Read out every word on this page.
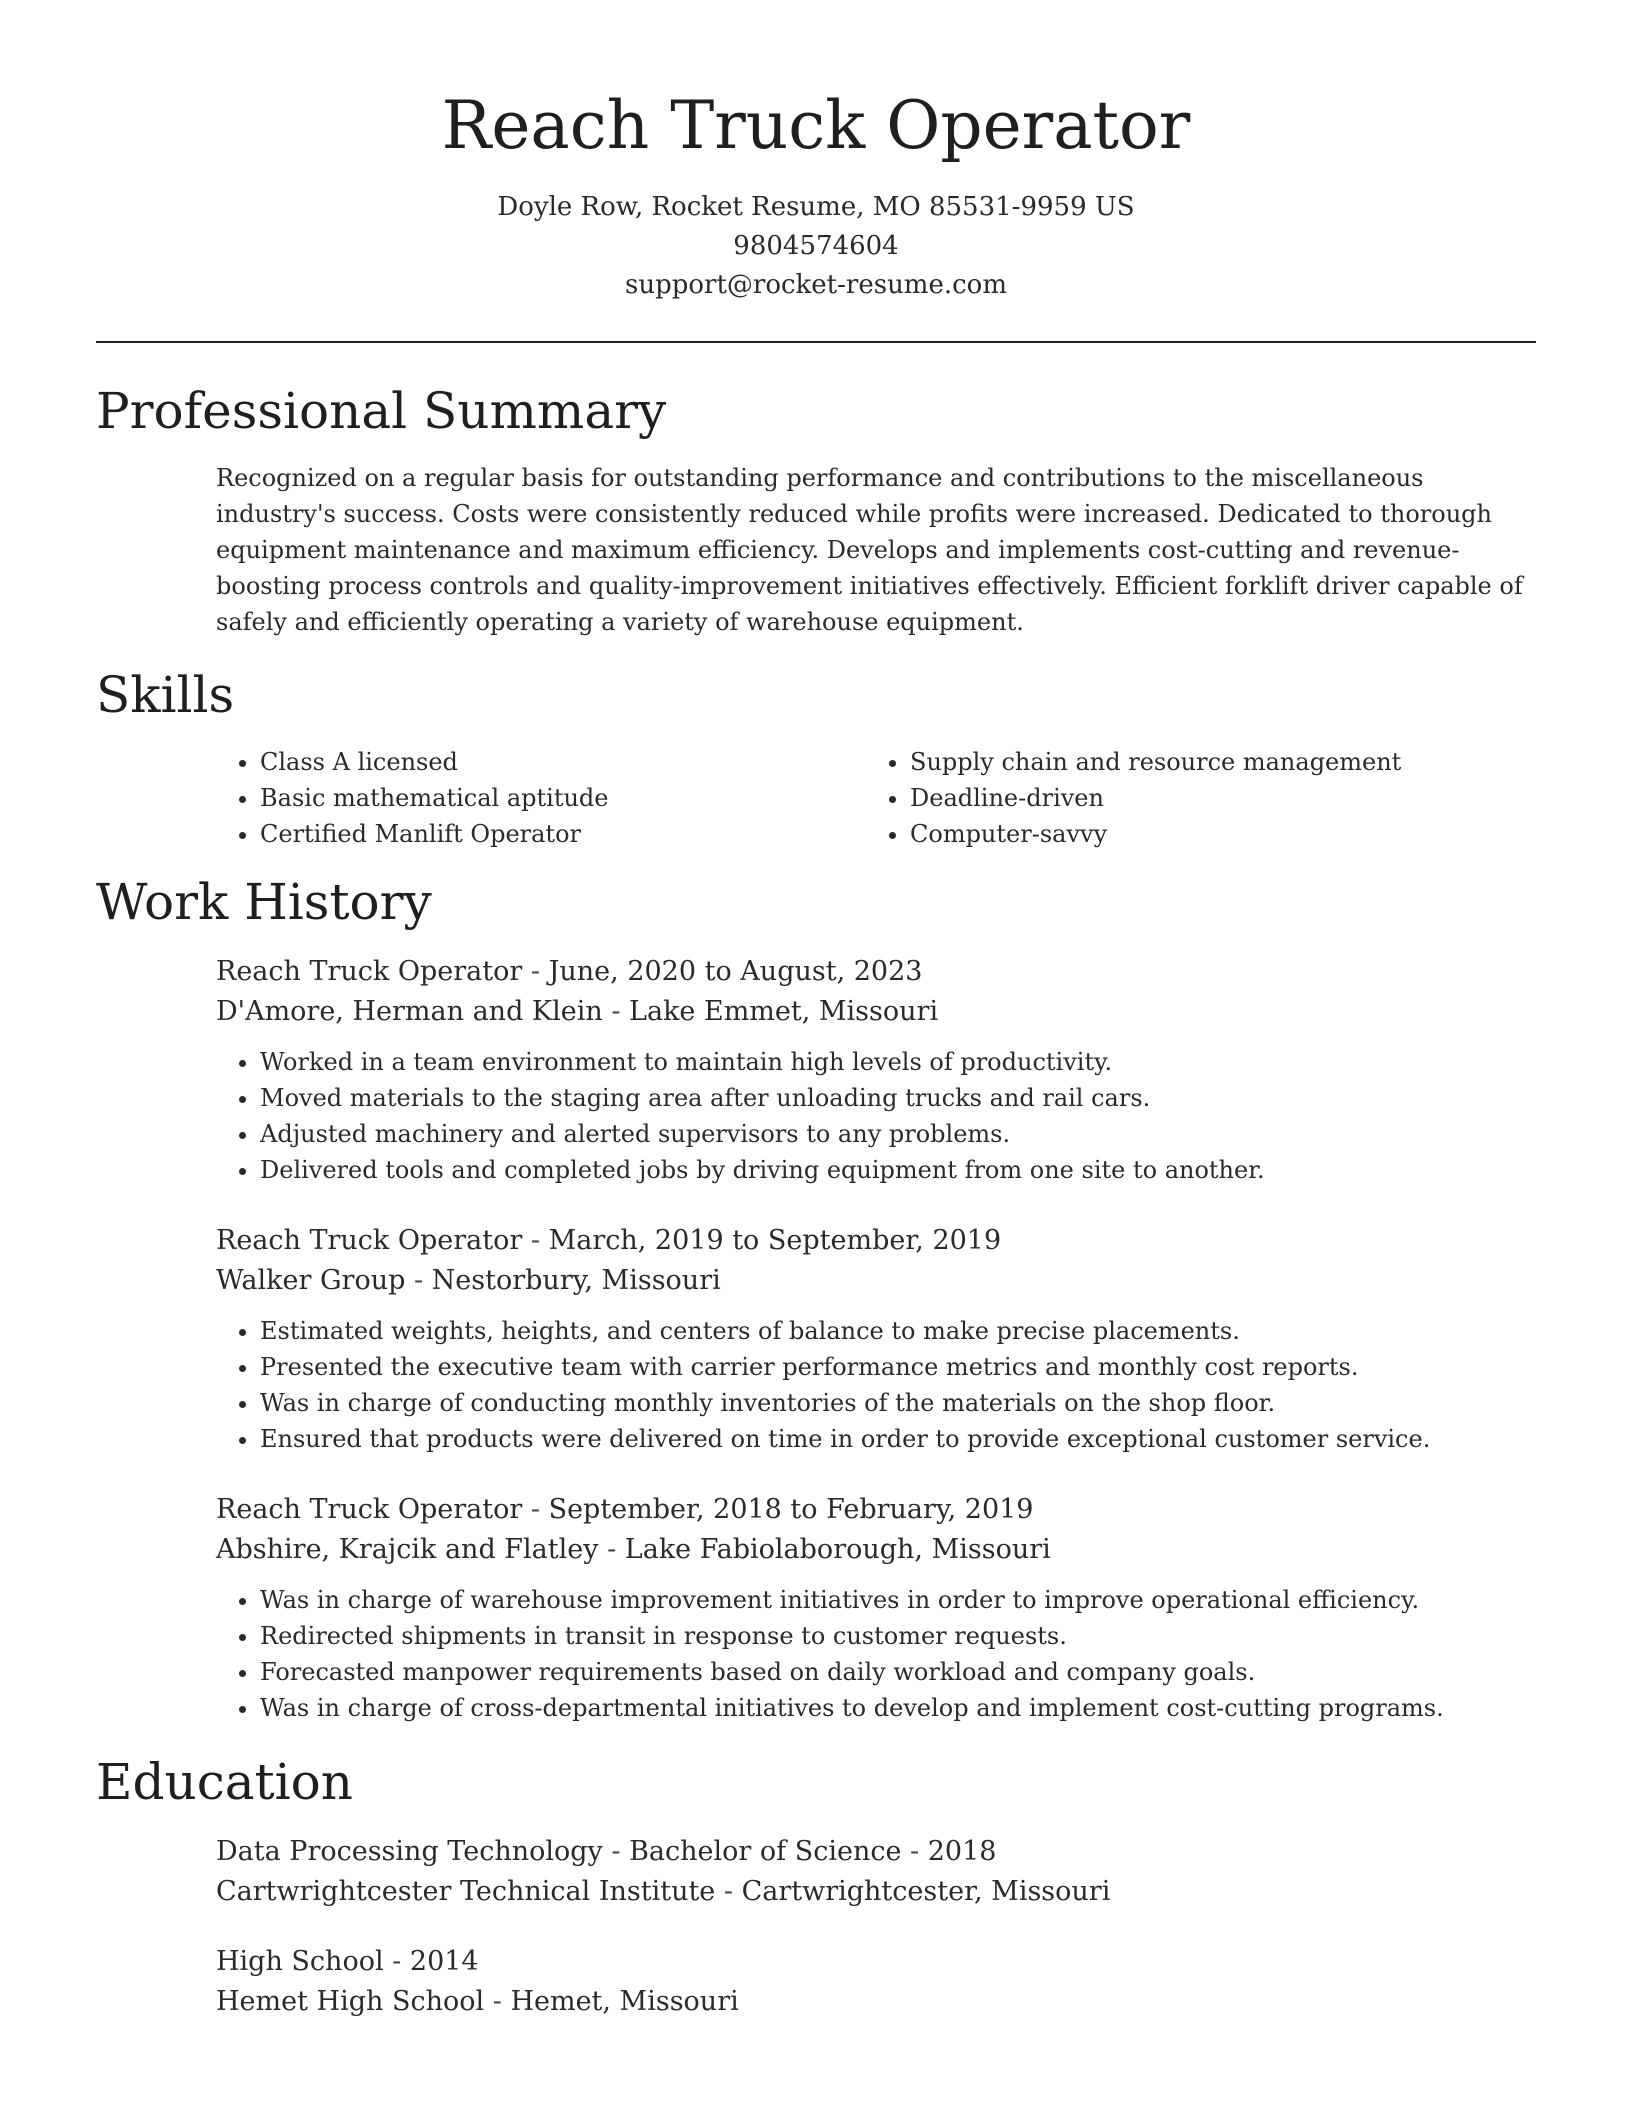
Reach Truck Operator
Doyle Row, Rocket Resume, MO 85531-9959 US
9804574604
support@rocket-resume.com
Professional Summary

Recognized on a regular basis for outstanding performance and contributions to the miscellaneous industry's success. Costs were consistently reduced while profits were increased. Dedicated to thorough equipment maintenance and maximum efficiency. Develops and implements cost-cutting and revenue-boosting process controls and quality-improvement initiatives effectively. Efficient forklift driver capable of safely and efficiently operating a variety of warehouse equipment.

Skills
• Class A licensed
• Basic mathematical aptitude
• Certified Manlift Operator
• Supply chain and resource management
• Deadline-driven
• Computer-savvy
Work History
Reach Truck Operator - June, 2020 to August, 2023
D'Amore, Herman and Klein - Lake Emmet, Missouri
• Worked in a team environment to maintain high levels of productivity.
• Moved materials to the staging area after unloading trucks and rail cars.
• Adjusted machinery and alerted supervisors to any problems.
• Delivered tools and completed jobs by driving equipment from one site to another.
Reach Truck Operator - March, 2019 to September, 2019
Walker Group - Nestorbury, Missouri
• Estimated weights, heights, and centers of balance to make precise placements.
• Presented the executive team with carrier performance metrics and monthly cost reports.
• Was in charge of conducting monthly inventories of the materials on the shop floor.
• Ensured that products were delivered on time in order to provide exceptional customer service.
Reach Truck Operator - September, 2018 to February, 2019
Abshire, Krajcik and Flatley - Lake Fabiolaborough, Missouri
• Was in charge of warehouse improvement initiatives in order to improve operational efficiency.
• Redirected shipments in transit in response to customer requests.
• Forecasted manpower requirements based on daily workload and company goals.
• Was in charge of cross-departmental initiatives to develop and implement cost-cutting programs.
Education
Data Processing Technology - Bachelor of Science - 2018
Cartwrightcester Technical Institute - Cartwrightcester, Missouri
High School - 2014
Hemet High School - Hemet, Missouri
